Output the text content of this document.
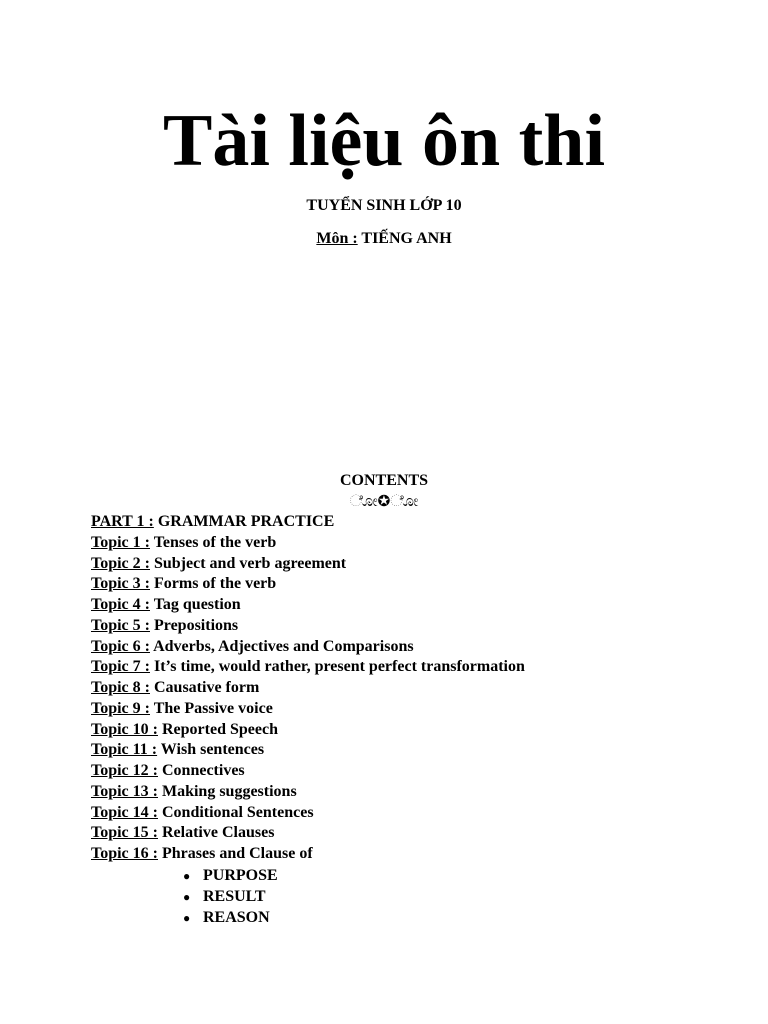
Tài liệu ôn thi
TUYỂN SINH LỚP 10
Môn : TIẾNG ANH
CONTENTS
ೋ✪ೋ
PART 1 : GRAMMAR PRACTICE
Topic 1 : Tenses of the verb
Topic 2 : Subject and verb agreement
Topic 3 : Forms of the verb
Topic 4 : Tag question
Topic 5 : Prepositions
Topic 6 : Adverbs, Adjectives and Comparisons
Topic 7 : It’s time, would rather, present perfect transformation
Topic 8 : Causative form
Topic 9 : The Passive voice
Topic 10 : Reported Speech
Topic 11 : Wish sentences
Topic 12 : Connectives
Topic 13 : Making suggestions
Topic 14 : Conditional Sentences
Topic 15 : Relative Clauses
Topic 16 : Phrases and Clause of
● PURPOSE
● RESULT
● REASON
